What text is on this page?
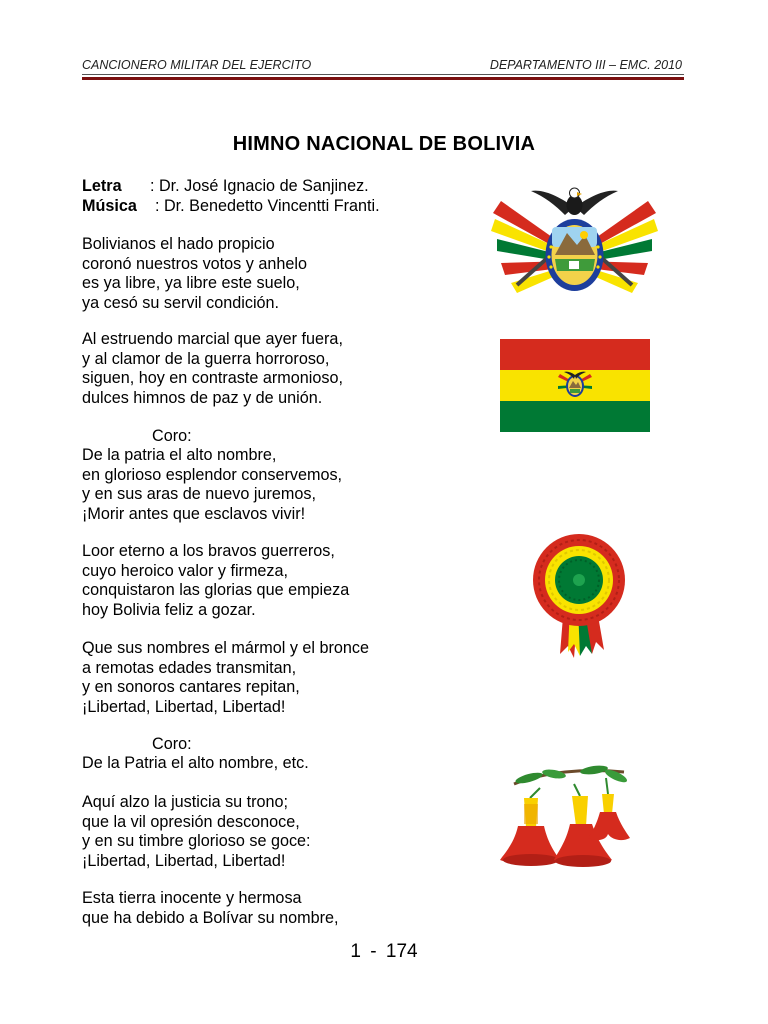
CANCIONERO MILITAR DEL EJERCITO	DEPARTAMENTO III – EMC. 2010
HIMNO NACIONAL DE BOLIVIA
Letra : Dr. José Ignacio de Sanjinez.
Música : Dr. Benedetto Vincentti Franti.
Bolivianos el hado propicio
coronó nuestros votos y anhelo
es ya libre, ya libre este suelo,
ya cesó su servil condición.
Al estruendo marcial que ayer fuera,
y al clamor de la guerra horroroso,
siguen, hoy en contraste armonioso,
dulces himnos de paz y de unión.
Coro:
De la patria el alto nombre,
en glorioso esplendor conservemos,
y en sus aras de nuevo juremos,
¡Morir antes que esclavos vivir!
Loor eterno a los bravos guerreros,
cuyo heroico valor y firmeza,
conquistaron las glorias que empieza
hoy Bolivia feliz a gozar.
Que sus nombres el mármol y el bronce
a remotas edades transmitan,
y en sonoros cantares repitan,
¡Libertad, Libertad, Libertad!
Coro:
De la Patria el alto nombre, etc.
Aquí alzo la justicia su trono;
que la vil opresión desconoce,
y en su timbre glorioso se goce:
¡Libertad, Libertad, Libertad!
Esta tierra inocente y hermosa
que ha debido a Bolívar su nombre,
1 - 174
